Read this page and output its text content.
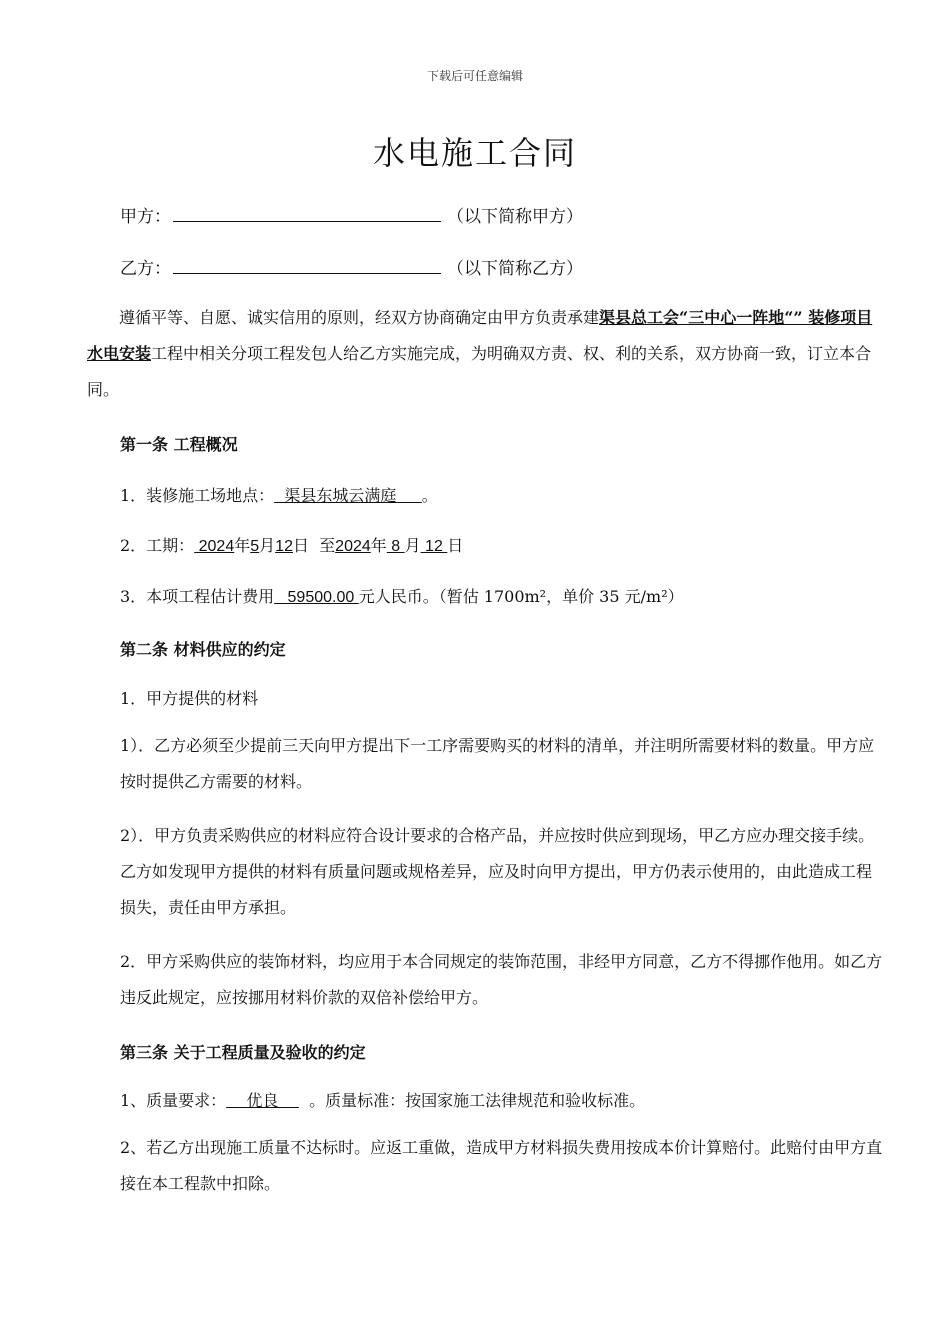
下载后可任意编辑
水电施工合同
甲方：	（以下简称甲方）
乙方：	（以下简称乙方）
遵循平等、自愿、诚实信用的原则，经双方协商确定由甲方负责承建渠县总工会“三中心一阵地“” 装修项目水电安装工程中相关分项工程发包人给乙方实施完成，为明确双方责、权、利的关系，双方协商一致，订立本合同。
第一条 工程概况
1．装修施工场地点：  渠县东城云满庭     。
2．工期： 2024年5月12日  至2024年 8 月 12 日
3．本项工程估计费用   59500.00 元人民币。（暂估 1700m²，单价 35 元/m²）
第二条 材料供应的约定
1．甲方提供的材料
1）．乙方必须至少提前三天向甲方提出下一工序需要购买的材料的清单，并注明所需要材料的数量。甲方应按时提供乙方需要的材料。
2）．甲方负责采购供应的材料应符合设计要求的合格产品，并应按时供应到现场，甲乙方应办理交接手续。乙方如发现甲方提供的材料有质量问题或规格差异，应及时向甲方提出，甲方仍表示使用的，由此造成工程损失，责任由甲方承担。
2．甲方采购供应的装饰材料，均应用于本合同规定的装饰范围，非经甲方同意，乙方不得挪作他用。如乙方违反此规定，应按挪用材料价款的双倍补偿给甲方。
第三条 关于工程质量及验收的约定
1、质量要求：    优良      。质量标准：按国家施工法律规范和验收标准。
2、若乙方出现施工质量不达标时。应返工重做，造成甲方材料损失费用按成本价计算赔付。此赔付由甲方直接在本工程款中扣除。
